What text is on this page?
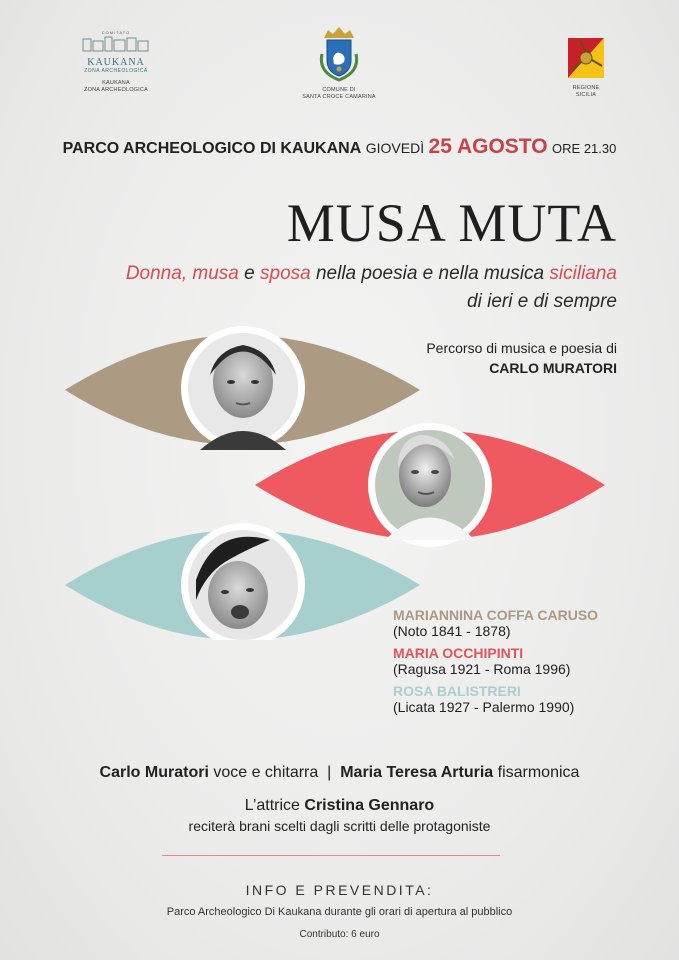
COMITATO
KAUKANA
ZONA ARCHEOLOGICA
KAUKANA
ZONA ARCHEOLOGICA	COMUNE DI
SANTA CROCE CAMARINA
REGIONE
SICILIA
PARCO ARCHEOLOGICO DI KAUKANA GIOVEDÌ 25 AGOSTO ORE 21.30
MUSA MUTA
Donna, musa e sposa nella poesia e nella musica siciliana
di ieri e di sempre
Percorso di musica e poesia di
CARLO MURATORI
MARIANNINA COFFA CARUSO
(Noto 1841 - 1878)
MARIA OCCHIPINTI
(Ragusa 1921 - Roma 1996)
ROSA BALISTRERI
(Licata 1927 - Palermo 1990)
Carlo Muratori voce e chitarra | Maria Teresa Arturia fisarmonica
L’attrice Cristina Gennaro
reciterà brani scelti dagli scritti delle protagoniste
INFO E PREVENDITA:
Parco Archeologico Di Kaukana durante gli orari di apertura al pubblico
Contributo: 6 euro
